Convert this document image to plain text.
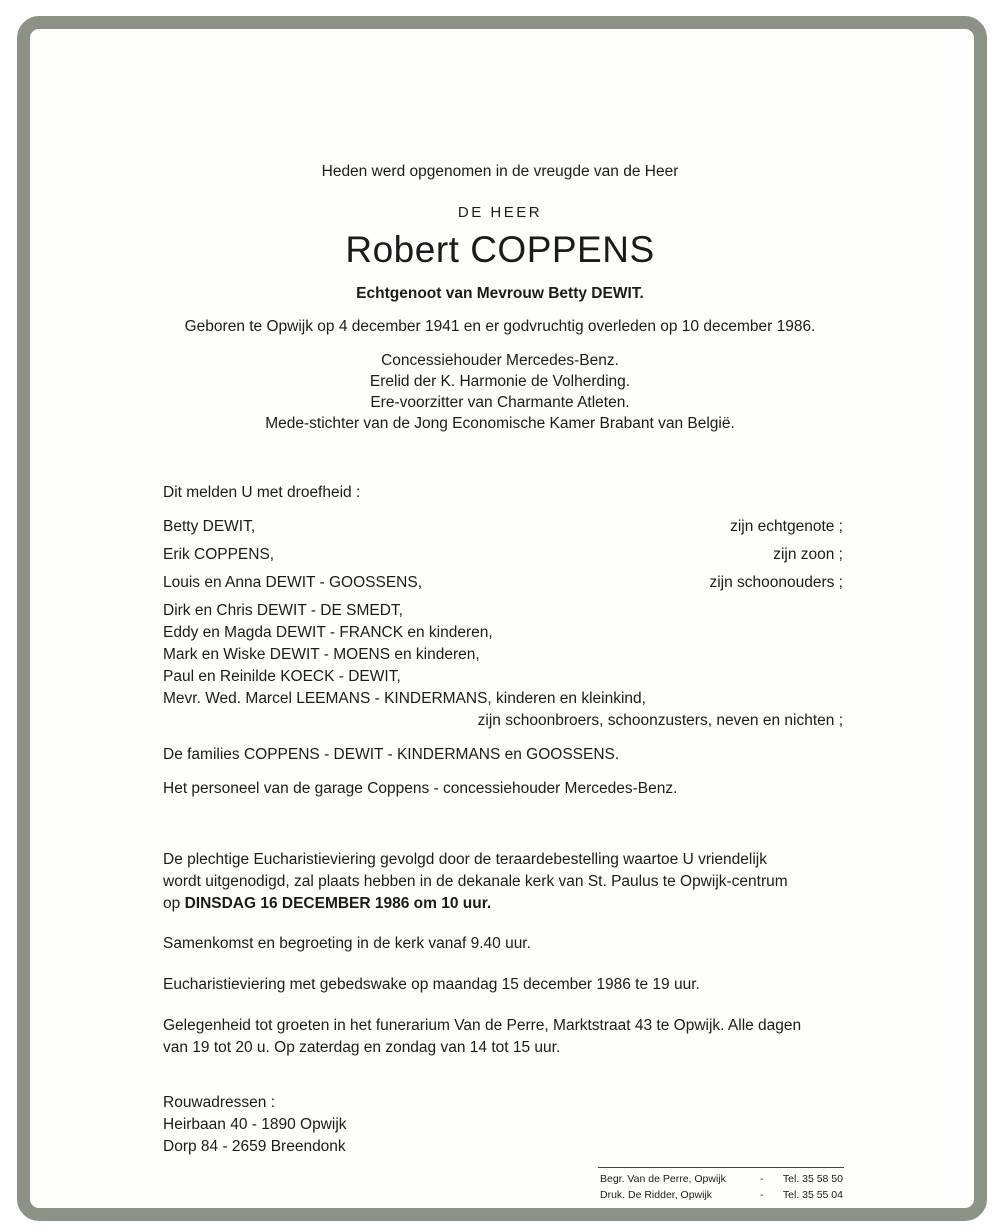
Heden werd opgenomen in de vreugde van de Heer
DE HEER
Robert COPPENS
Echtgenoot van Mevrouw Betty DEWIT.
Geboren te Opwijk op 4 december 1941 en er godvruchtig overleden op 10 december 1986.
Concessiehouder Mercedes-Benz.
Erelid der K. Harmonie de Volherding.
Ere-voorzitter van Charmante Atleten.
Mede-stichter van de Jong Economische Kamer Brabant van België.
Dit melden U met droefheid :
Betty DEWIT,	zijn echtgenote ;
Erik COPPENS,	zijn zoon ;
Louis en Anna DEWIT - GOOSSENS,	zijn schoonouders ;
Dirk en Chris DEWIT - DE SMEDT,
Eddy en Magda DEWIT - FRANCK en kinderen,
Mark en Wiske DEWIT - MOENS en kinderen,
Paul en Reinilde KOECK - DEWIT,
Mevr. Wed. Marcel LEEMANS - KINDERMANS, kinderen en kleinkind,
zijn schoonbroers, schoonzusters, neven en nichten ;
De families COPPENS - DEWIT - KINDERMANS en GOOSSENS.
Het personeel van de garage Coppens - concessiehouder Mercedes-Benz.
De plechtige Eucharistieviering gevolgd door de teraardebestelling waartoe U vriendelijk
wordt uitgenodigd, zal plaats hebben in de dekanale kerk van St. Paulus te Opwijk-centrum
op DINSDAG 16 DECEMBER 1986 om 10 uur.
Samenkomst en begroeting in de kerk vanaf 9.40 uur.
Eucharistieviering met gebedswake op maandag 15 december 1986 te 19 uur.
Gelegenheid tot groeten in het funerarium Van de Perre, Marktstraat 43 te Opwijk. Alle dagen
van 19 tot 20 u. Op zaterdag en zondag van 14 tot 15 uur.
Rouwadressen :
Heirbaan 40 - 1890 Opwijk
Dorp 84 - 2659 Breendonk
Begr. Van de Perre, Opwijk	- Tel. 35 58 50
Druk. De Ridder, Opwijk	- Tel. 35 55 04
